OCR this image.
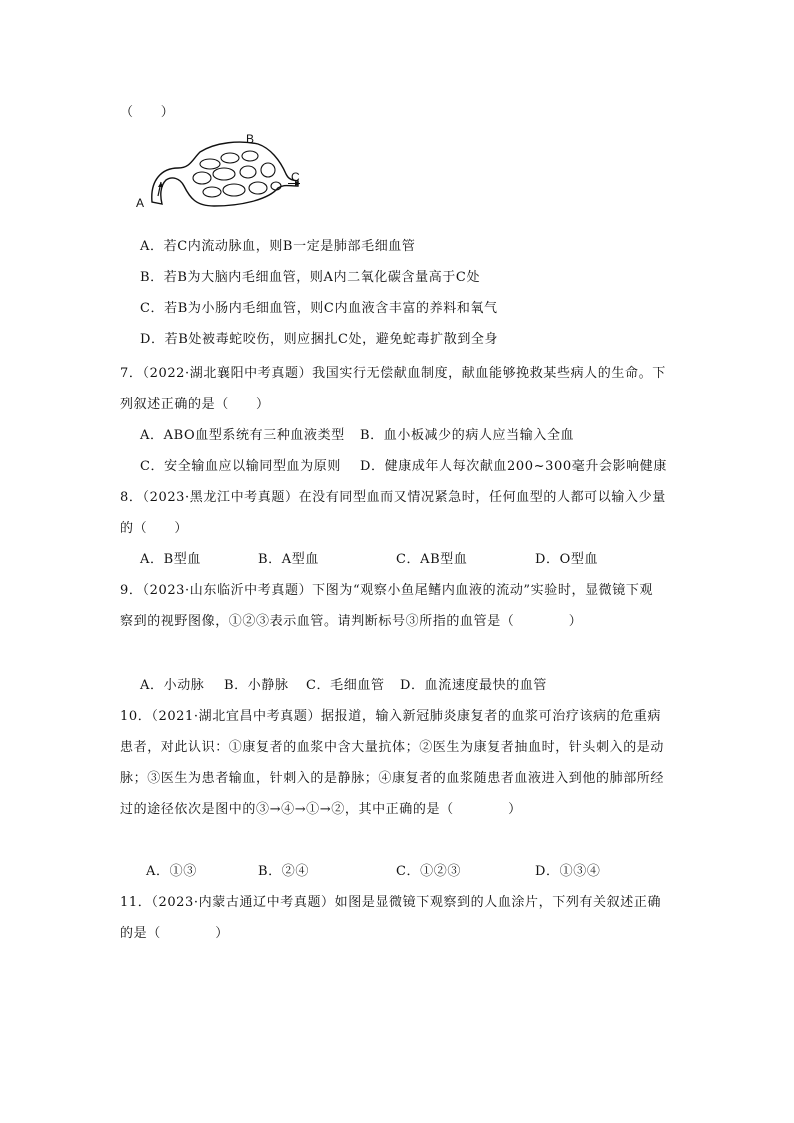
（　　）
A
B
C
A．若C内流动脉血，则B一定是肺部毛细血管
B．若B为大脑内毛细血管，则A内二氧化碳含量高于C处
C．若B为小肠内毛细血管，则C内血液含丰富的养料和氧气
D．若B处被毒蛇咬伤，则应捆扎C处，避免蛇毒扩散到全身
7．（2022·湖北襄阳中考真题）我国实行无偿献血制度，献血能够挽救某些病人的生命。下
列叙述正确的是（　　）
A．ABO血型系统有三种血液类型 B．血小板减少的病人应当输入全血
C．安全输血应以输同型血为原则 D．健康成年人每次献血200~300毫升会影响健康
8．（2023·黑龙江中考真题）在没有同型血而又情况紧急时，任何血型的人都可以输入少量
的（　　）
A．B型血	B．A型血	C．AB型血	D．O型血
9．（2023·山东临沂中考真题）下图为“观察小鱼尾鳍内血液的流动”实验时，显微镜下观
察到的视野图像，①②③表示血管。请判断标号③所指的血管是（　　　　）
A．小动脉 B．小静脉 C．毛细血管 D．血流速度最快的血管
10．（2021·湖北宜昌中考真题）据报道，输入新冠肺炎康复者的血浆可治疗该病的危重病
患者，对此认识：①康复者的血浆中含大量抗体；②医生为康复者抽血时，针头刺入的是动
脉；③医生为患者输血，针刺入的是静脉；④康复者的血浆随患者血液进入到他的肺部所经
过的途径依次是图中的③→④→①→②，其中正确的是（　　　　）
A．①③	B．②④	C．①②③	D．①③④
11．（2023·内蒙古通辽中考真题）如图是显微镜下观察到的人血涂片，下列有关叙述正确
的是（　　　　）
